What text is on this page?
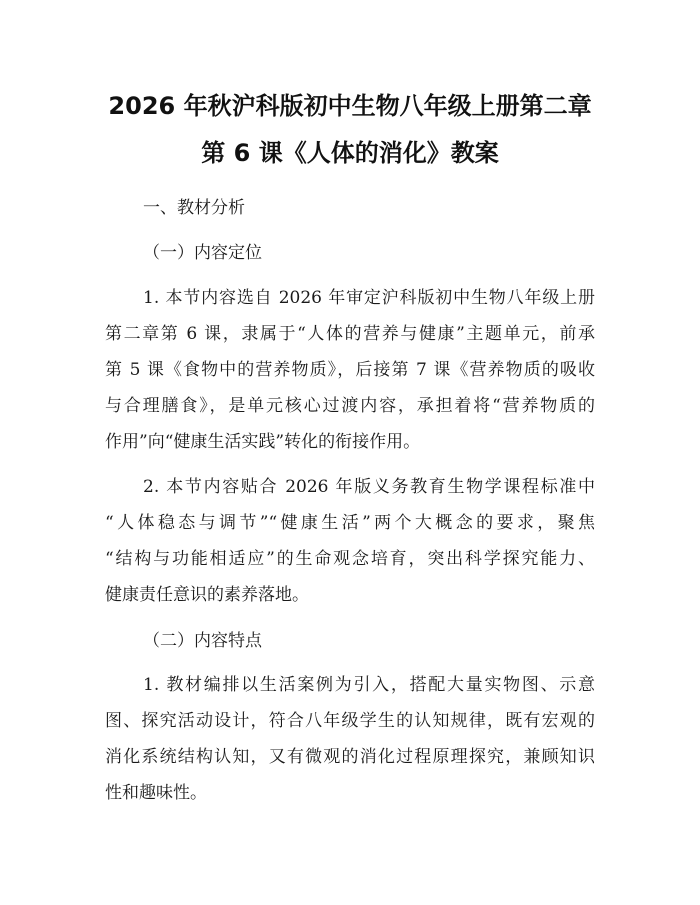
2026 年秋沪科版初中生物八年级上册第二章
第 6 课《人体的消化》教案

一、教材分析

（一）内容定位

1. 本节内容选自 2026 年审定沪科版初中生物八年级上册
第二章第 6 课，隶属于“人体的营养与健康”主题单元，前承
第 5 课《食物中的营养物质》，后接第 7 课《营养物质的吸收
与合理膳食》，是单元核心过渡内容，承担着将“营养物质的
作用”向“健康生活实践”转化的衔接作用。

2. 本节内容贴合 2026 年版义务教育生物学课程标准中
“人体稳态与调节”“健康生活”两个大概念的要求，聚焦
“结构与功能相适应”的生命观念培育，突出科学探究能力、
健康责任意识的素养落地。

（二）内容特点

1. 教材编排以生活案例为引入，搭配大量实物图、示意
图、探究活动设计，符合八年级学生的认知规律，既有宏观的
消化系统结构认知，又有微观的消化过程原理探究，兼顾知识
性和趣味性。
